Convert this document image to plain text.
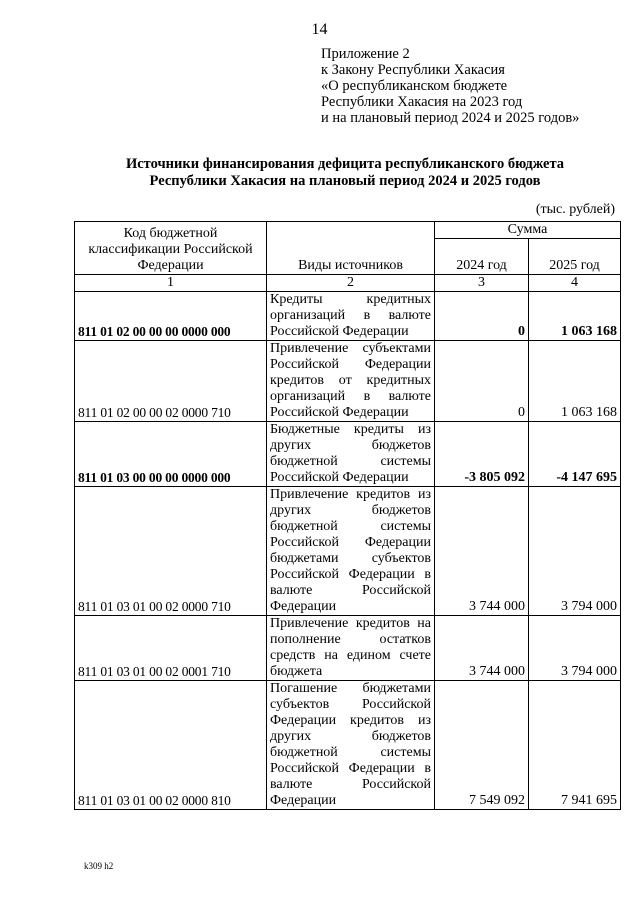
14
Приложение 2
к Закону Республики Хакасия
«О республиканском бюджете
Республики Хакасия на 2023 год
и на плановый период 2024 и 2025 годов»
Источники финансирования дефицита республиканского бюджета
Республики Хакасия на плановый период 2024 и 2025 годов
(тыс. рублей)
Код бюджетной классификации Российской Федерации	Виды источников	Сумма	
		2024 год	2025 год
1	2	3	4
811 01 02 00 00 00 0000 000	Кредиты кредитных организаций в валюте Российской Федерации	0	1 063 168
811 01 02 00 00 02 0000 710	Привлечение субъектами Российской Федерации кредитов от кредитных организаций в валюте Российской Федерации	0	1 063 168
811 01 03 00 00 00 0000 000	Бюджетные кредиты из других бюджетов бюджетной системы Российской Федерации	-3 805 092	-4 147 695
811 01 03 01 00 02 0000 710	Привлечение кредитов из других бюджетов бюджетной системы Российской Федерации бюджетами субъектов Российской Федерации в валюте Российской Федерации	3 744 000	3 794 000
811 01 03 01 00 02 0001 710	Привлечение кредитов на пополнение остатков средств на едином счете бюджета	3 744 000	3 794 000
811 01 03 01 00 02 0000 810	Погашение бюджетами субъектов Российской Федерации кредитов из других бюджетов бюджетной системы Российской Федерации в валюте Российской Федерации	7 549 092	7 941 695
k309 h2
